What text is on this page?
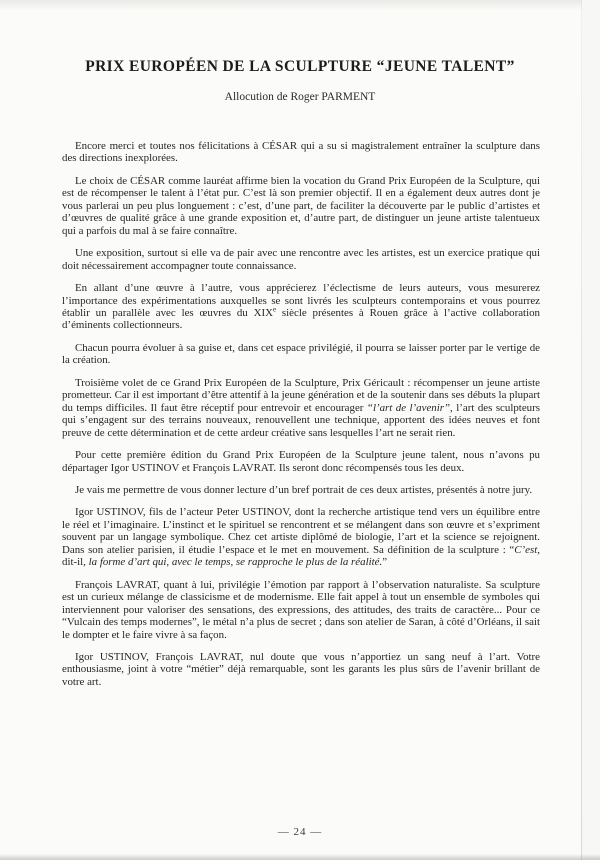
PRIX EUROPÉEN DE LA SCULPTURE “JEUNE TALENT”
Allocution de Roger PARMENT

Encore merci et toutes nos félicitations à CÉSAR qui a su si magistralement entraîner la sculpture dans des directions inexplorées.

Le choix de CÉSAR comme lauréat affirme bien la vocation du Grand Prix Européen de la Sculpture, qui est de récompenser le talent à l’état pur. C’est là son premier objectif. Il en a également deux autres dont je vous parlerai un peu plus longuement : c’est, d’une part, de faciliter la découverte par le public d’artistes et d’œuvres de qualité grâce à une grande exposition et, d’autre part, de distinguer un jeune artiste talentueux qui a parfois du mal à se faire connaître.

Une exposition, surtout si elle va de pair avec une rencontre avec les artistes, est un exercice pratique qui doit nécessairement accompagner toute connaissance.

En allant d’une œuvre à l’autre, vous apprécierez l’éclectisme de leurs auteurs, vous mesurerez l’importance des expérimentations auxquelles se sont livrés les sculpteurs contemporains et vous pourrez établir un parallèle avec les œuvres du XIXe siècle présentes à Rouen grâce à l’active collaboration d’éminents collectionneurs.

Chacun pourra évoluer à sa guise et, dans cet espace privilégié, il pourra se laisser porter par le vertige de la création.

Troisième volet de ce Grand Prix Européen de la Sculpture, Prix Géricault : récompenser un jeune artiste prometteur. Car il est important d’être attentif à la jeune génération et de la soutenir dans ses débuts la plupart du temps difficiles. Il faut être réceptif pour entrevoir et encourager “l’art de l’avenir”, l’art des sculpteurs qui s’engagent sur des terrains nouveaux, renouvellent une technique, apportent des idées neuves et font preuve de cette détermination et de cette ardeur créative sans lesquelles l’art ne serait rien.

Pour cette première édition du Grand Prix Européen de la Sculpture jeune talent, nous n’avons pu départager Igor USTINOV et François LAVRAT. Ils seront donc récompensés tous les deux.

Je vais me permettre de vous donner lecture d’un bref portrait de ces deux artistes, présentés à notre jury.

Igor USTINOV, fils de l’acteur Peter USTINOV, dont la recherche artistique tend vers un équilibre entre le réel et l’imaginaire. L’instinct et le spirituel se rencontrent et se mélangent dans son œuvre et s’expriment souvent par un langage symbolique. Chez cet artiste diplômé de biologie, l’art et la science se rejoignent. Dans son atelier parisien, il étudie l’espace et le met en mouvement. Sa définition de la sculpture : “C’est, dit-il, la forme d’art qui, avec le temps, se rapproche le plus de la réalité.”

François LAVRAT, quant à lui, privilégie l’émotion par rapport à l’observation naturaliste. Sa sculpture est un curieux mélange de classicisme et de modernisme. Elle fait appel à tout un ensemble de symboles qui interviennent pour valoriser des sensations, des expressions, des attitudes, des traits de caractère... Pour ce “Vulcain des temps modernes”, le métal n’a plus de secret ; dans son atelier de Saran, à côté d’Orléans, il sait le dompter et le faire vivre à sa façon.

Igor USTINOV, François LAVRAT, nul doute que vous n’apportiez un sang neuf à l’art. Votre enthousiasme, joint à votre “métier” déjà remarquable, sont les garants les plus sûrs de l’avenir brillant de votre art.

— 24 —
